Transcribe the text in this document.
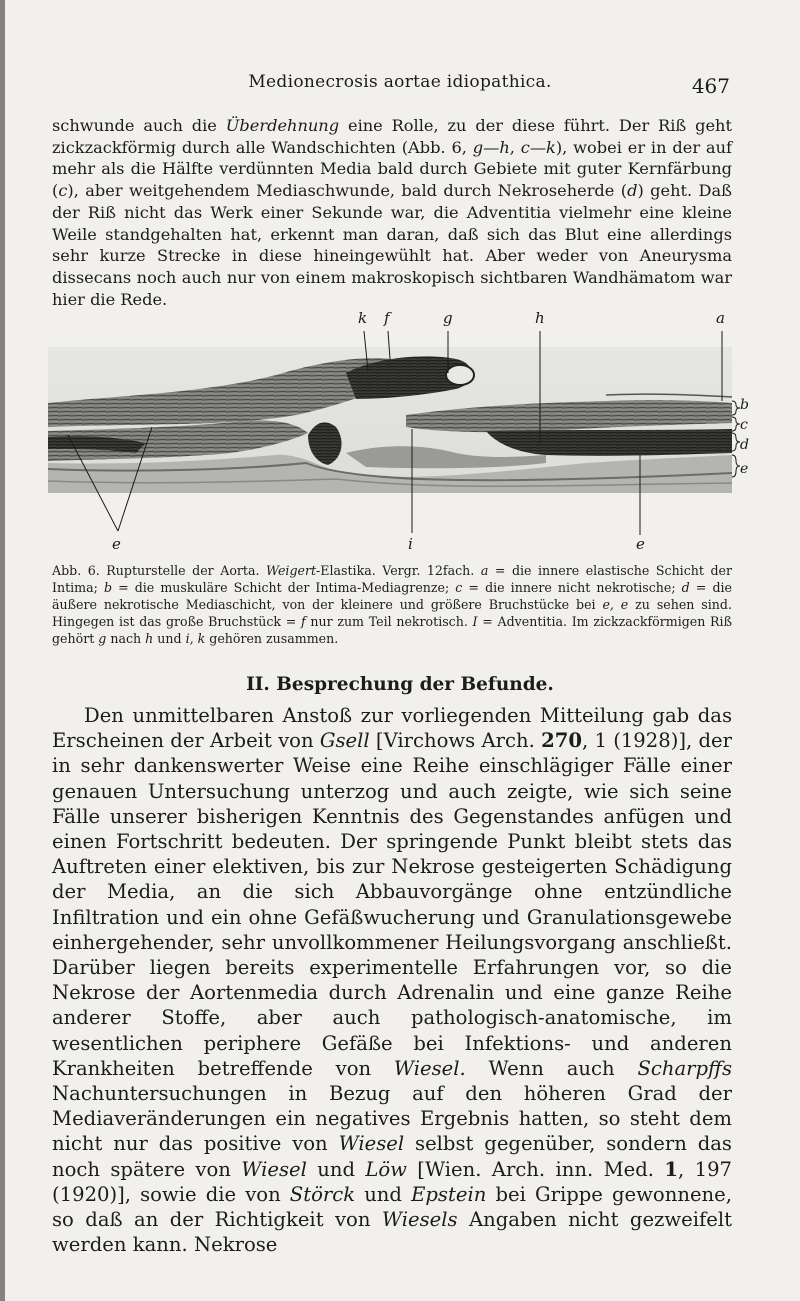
Medionecrosis aortae idiopathica.	467

schwunde auch die Überdehnung eine Rolle, zu der diese führt. Der Riß geht zickzackförmig durch alle Wandschichten (Abb. 6, g—h, c—k), wobei er in der auf mehr als die Hälfte verdünnten Media bald durch Gebiete mit guter Kernfärbung (c), aber weitgehendem Mediaschwunde, bald durch Nekroseherde (d) geht. Daß der Riß nicht das Werk einer Sekunde war, die Adventitia vielmehr eine kleine Weile standgehalten hat, erkennt man daran, daß sich das Blut eine allerdings sehr kurze Strecke in diese hineingewühlt hat. Aber weder von Aneurysma dissecans noch auch nur von einem makroskopisch sichtbaren Wandhämatom war hier die Rede.

k f	g	h	a
b
c
d
e
e	i	e

Abb. 6. Rupturstelle der Aorta. Weigert-Elastika. Vergr. 12fach. a = die innere elastische Schicht der Intima; b = die muskuläre Schicht der Intima-Mediagrenze; c = die innere nicht nekrotische; d = die äußere nekrotische Mediaschicht, von der kleinere und größere Bruchstücke bei e, e zu sehen sind. Hingegen ist das große Bruchstück = f nur zum Teil nekrotisch. I = Adventitia. Im zickzackförmigen Riß gehört g nach h und i, k gehören zusammen.

II. Besprechung der Befunde.

Den unmittelbaren Anstoß zur vorliegenden Mitteilung gab das Erscheinen der Arbeit von Gsell [Virchows Arch. 270, 1 (1928)], der in sehr dankenswerter Weise eine Reihe einschlägiger Fälle einer genauen Untersuchung unterzog und auch zeigte, wie sich seine Fälle unserer bisherigen Kenntnis des Gegenstandes anfügen und einen Fortschritt bedeuten. Der springende Punkt bleibt stets das Auftreten einer elektiven, bis zur Nekrose gesteigerten Schädigung der Media, an die sich Abbauvorgänge ohne entzündliche Infiltration und ein ohne Gefäßwucherung und Granulationsgewebe einhergehender, sehr unvollkommener Heilungsvorgang anschließt. Darüber liegen bereits experimentelle Erfahrungen vor, so die Nekrose der Aortenmedia durch Adrenalin und eine ganze Reihe anderer Stoffe, aber auch pathologisch-anatomische, im wesentlichen periphere Gefäße bei Infektions- und anderen Krankheiten betreffende von Wiesel. Wenn auch Scharpffs Nachuntersuchungen in Bezug auf den höheren Grad der Mediaveränderungen ein negatives Ergebnis hatten, so steht dem nicht nur das positive von Wiesel selbst gegenüber, sondern das noch spätere von Wiesel und Löw [Wien. Arch. inn. Med. 1, 197 (1920)], sowie die von Störck und Epstein bei Grippe gewonnene, so daß an der Richtigkeit von Wiesels Angaben nicht gezweifelt werden kann. Nekrose
